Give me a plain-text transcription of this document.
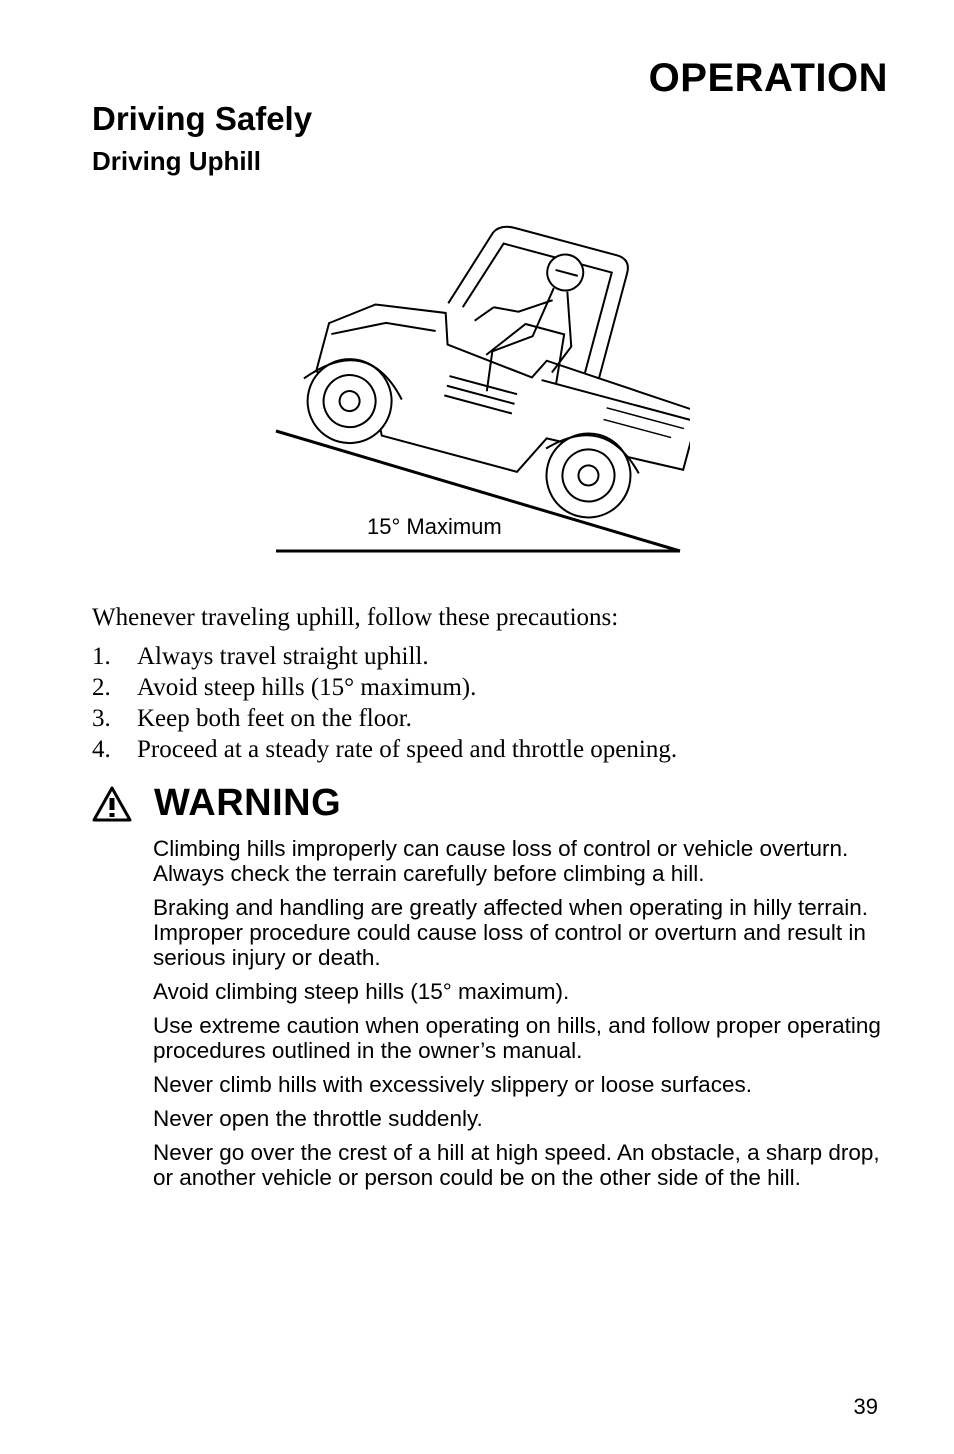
OPERATION
Driving Safely
Driving Uphill
15° Maximum

Whenever traveling uphill, follow these precautions:

1.	Always travel straight uphill.
2.	Avoid steep hills (15° maximum).
3.	Keep both feet on the floor.
4.	Proceed at a steady rate of speed and throttle opening.
WARNING

Climbing hills improperly can cause loss of control or vehicle overturn. Always check the terrain carefully before climbing a hill.

Braking and handling are greatly affected when operating in hilly terrain. Improper procedure could cause loss of control or overturn and result in serious injury or death.

Avoid climbing steep hills (15° maximum).

Use extreme caution when operating on hills, and follow proper operating procedures outlined in the owner’s manual.

Never climb hills with excessively slippery or loose surfaces.

Never open the throttle suddenly.

Never go over the crest of a hill at high speed. An obstacle, a sharp drop, or another vehicle or person could be on the other side of the hill.

39
